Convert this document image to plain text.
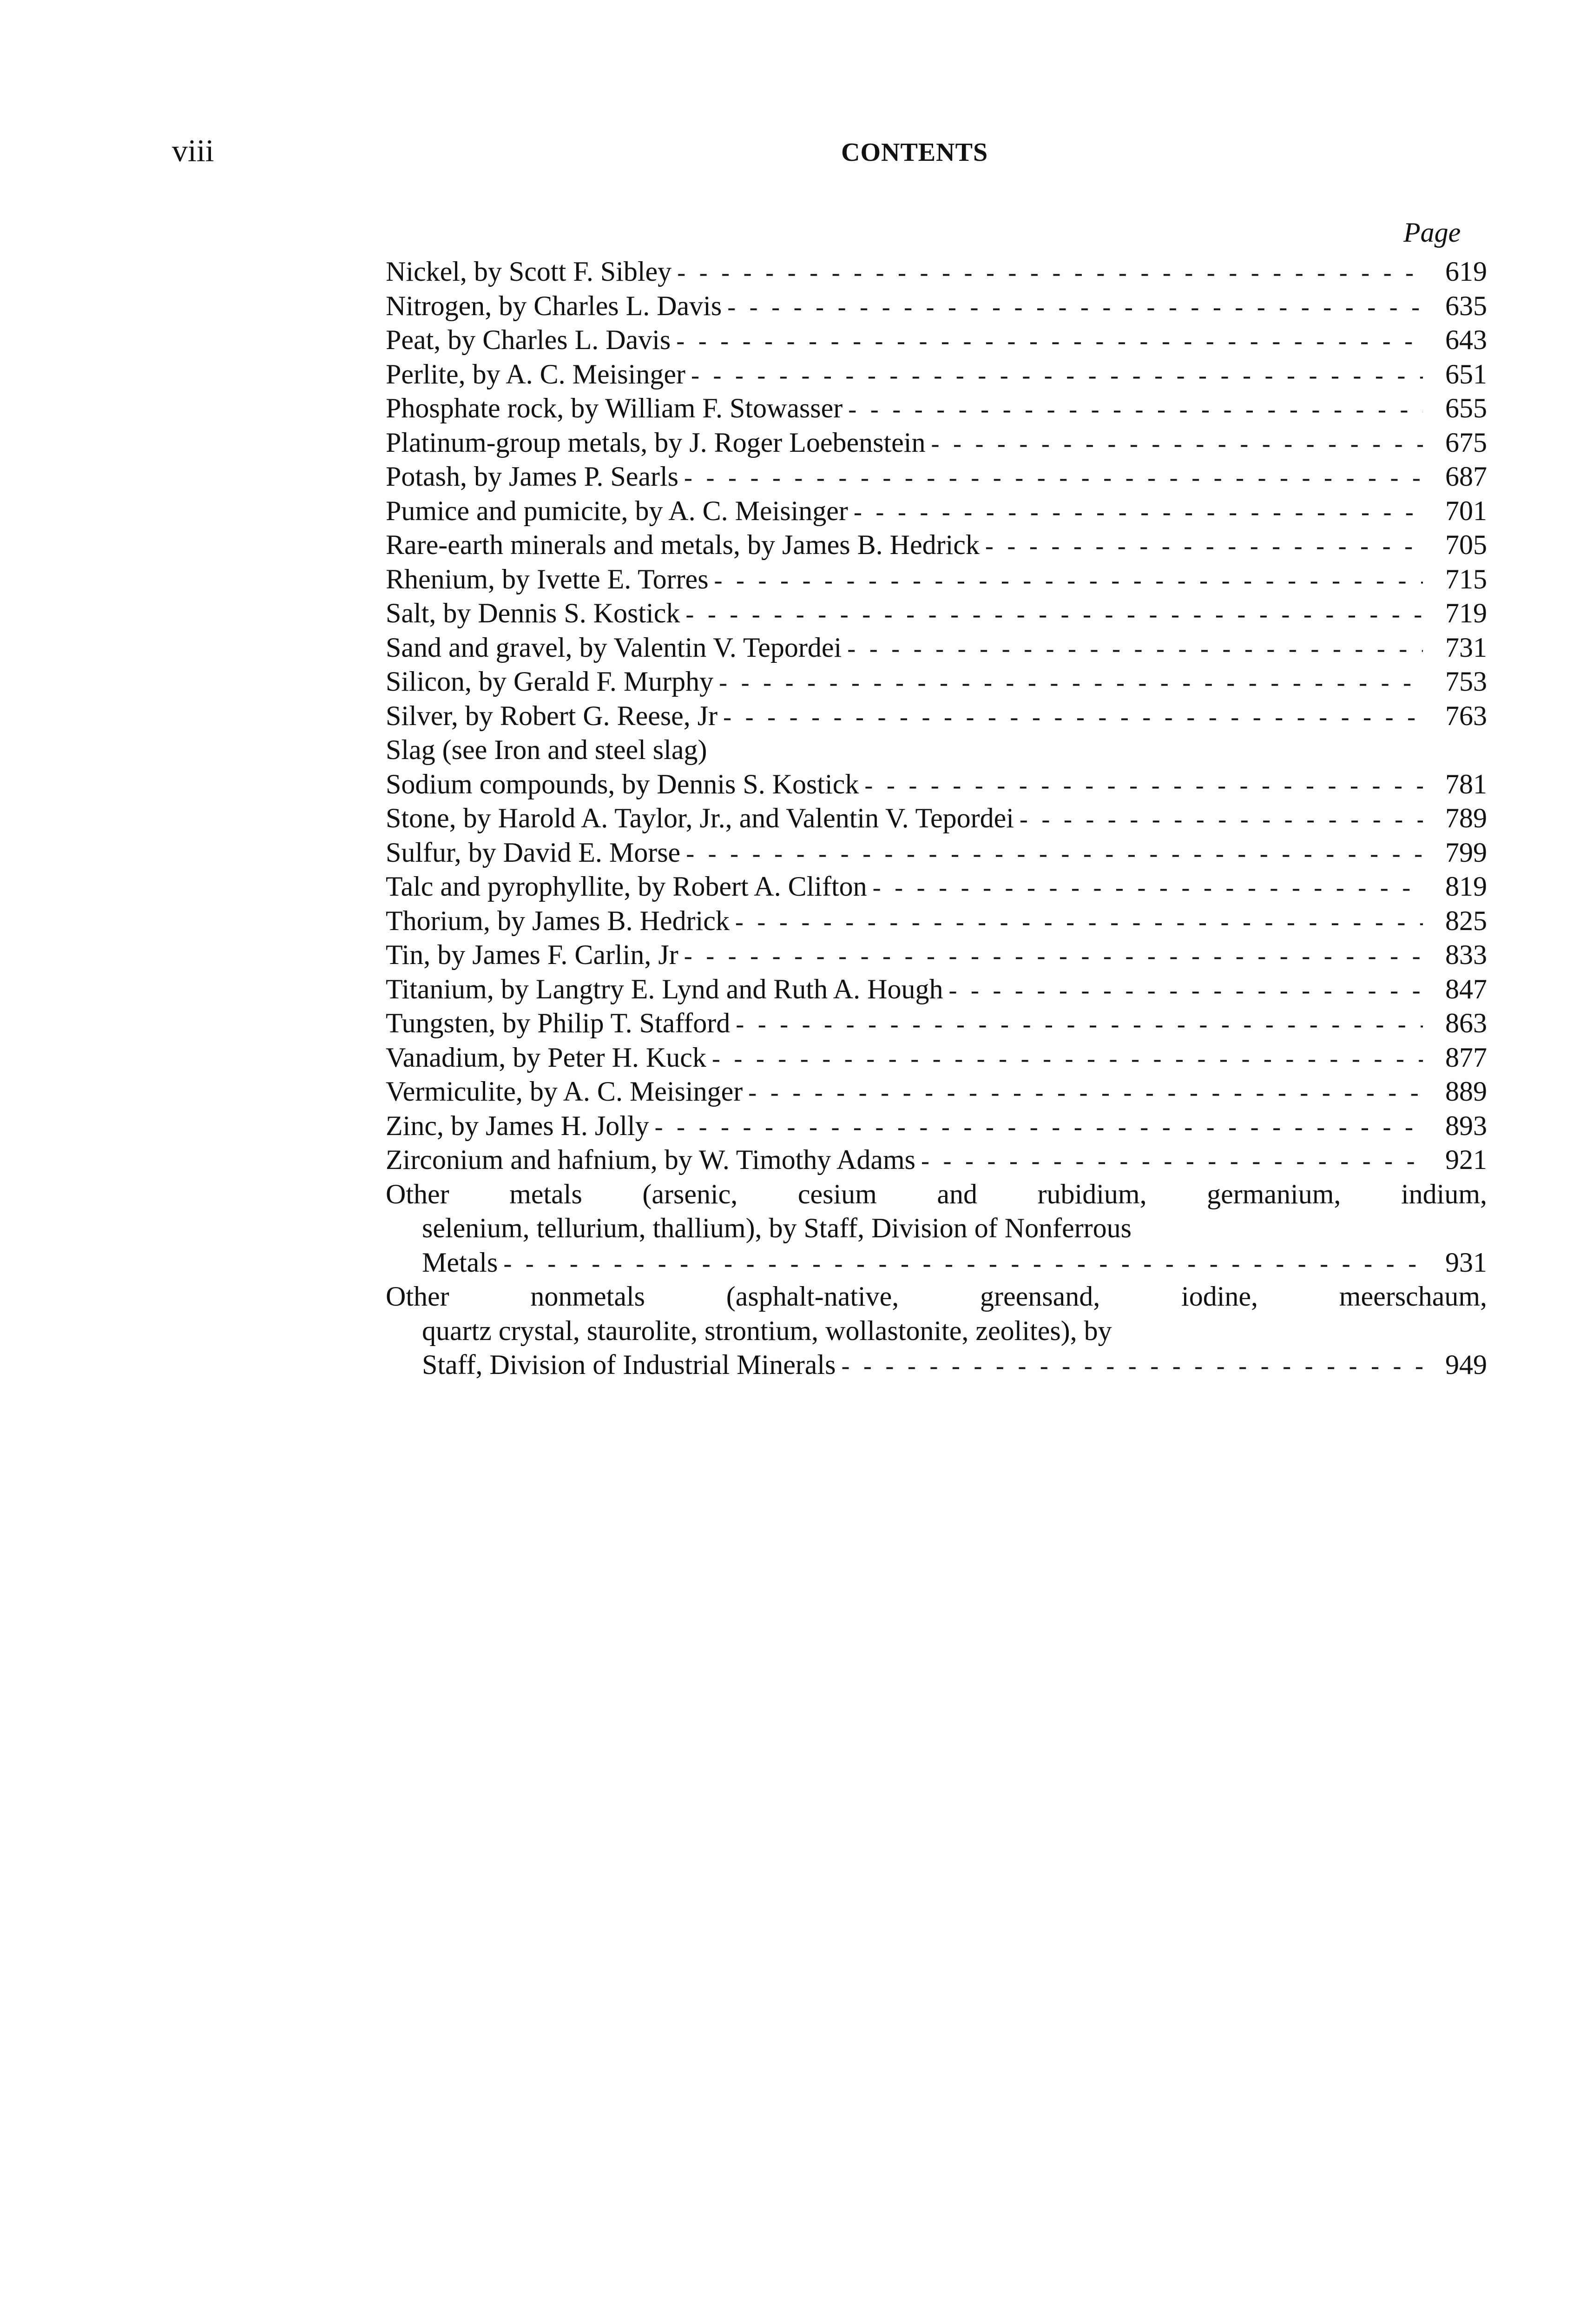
viii	CONTENTS
Page
Nickel, by Scott F. Sibley - - -	619
Nitrogen, by Charles L. Davis - - -	635
Peat, by Charles L. Davis - - -	643
Perlite, by A. C. Meisinger - - -	651
Phosphate rock, by William F. Stowasser - - -	655
Platinum-group metals, by J. Roger Loebenstein - - -	675
Potash, by James P. Searls - - -	687
Pumice and pumicite, by A. C. Meisinger - - -	701
Rare-earth minerals and metals, by James B. Hedrick - - -	705
Rhenium, by Ivette E. Torres - - -	715
Salt, by Dennis S. Kostick - - -	719
Sand and gravel, by Valentin V. Tepordei - - -	731
Silicon, by Gerald F. Murphy - - -	753
Silver, by Robert G. Reese, Jr - - -	763
Slag (see Iron and steel slag)
Sodium compounds, by Dennis S. Kostick - - -	781
Stone, by Harold A. Taylor, Jr., and Valentin V. Tepordei - - -	789
Sulfur, by David E. Morse - - -	799
Talc and pyrophyllite, by Robert A. Clifton - - -	819
Thorium, by James B. Hedrick - - -	825
Tin, by James F. Carlin, Jr - - -	833
Titanium, by Langtry E. Lynd and Ruth A. Hough - - -	847
Tungsten, by Philip T. Stafford - - -	863
Vanadium, by Peter H. Kuck - - -	877
Vermiculite, by A. C. Meisinger - - -	889
Zinc, by James H. Jolly - - -	893
Zirconium and hafnium, by W. Timothy Adams - - -	921
Other metals (arsenic, cesium and rubidium, germanium, indium,
selenium, tellurium, thallium), by Staff, Division of Nonferrous
Metals - - -	931
Other nonmetals (asphalt-native, greensand, iodine, meerschaum,
quartz crystal, staurolite, strontium, wollastonite, zeolites), by
Staff, Division of Industrial Minerals - - -	949
